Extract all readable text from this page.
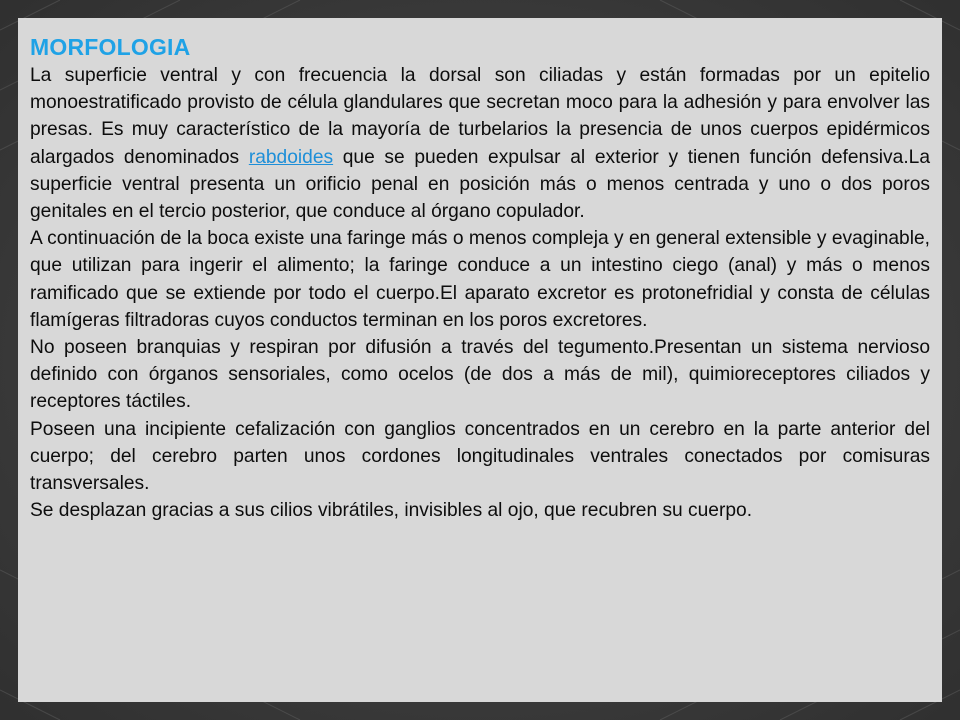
MORFOLOGIA

La superficie ventral y con frecuencia la dorsal son ciliadas y están formadas por un epitelio monoestratificado provisto de célula glandulares que secretan moco para la adhesión y para envolver las presas. Es muy característico de la mayoría de turbelarios la presencia de unos cuerpos epidérmicos alargados denominados rabdoides que se pueden expulsar al exterior y tienen función defensiva.La superficie ventral presenta un orificio penal en posición más o menos centrada y uno o dos poros genitales en el tercio posterior, que conduce al órgano copulador.

A continuación de la boca existe una faringe más o menos compleja y en general extensible y evaginable, que utilizan para ingerir el alimento; la faringe conduce a un intestino ciego (anal) y más o menos ramificado que se extiende por todo el cuerpo.El aparato excretor es protonefridial y consta de células flamígeras filtradoras cuyos conductos terminan en los poros excretores.

No poseen branquias y respiran por difusión a través del tegumento.Presentan un sistema nervioso definido con órganos sensoriales, como ocelos (de dos a más de mil), quimioreceptores ciliados y receptores táctiles.

Poseen una incipiente cefalización con ganglios concentrados en un cerebro en la parte anterior del cuerpo; del cerebro parten unos cordones longitudinales ventrales conectados por comisuras transversales.

Se desplazan gracias a sus cilios vibrátiles, invisibles al ojo, que recubren su cuerpo.
